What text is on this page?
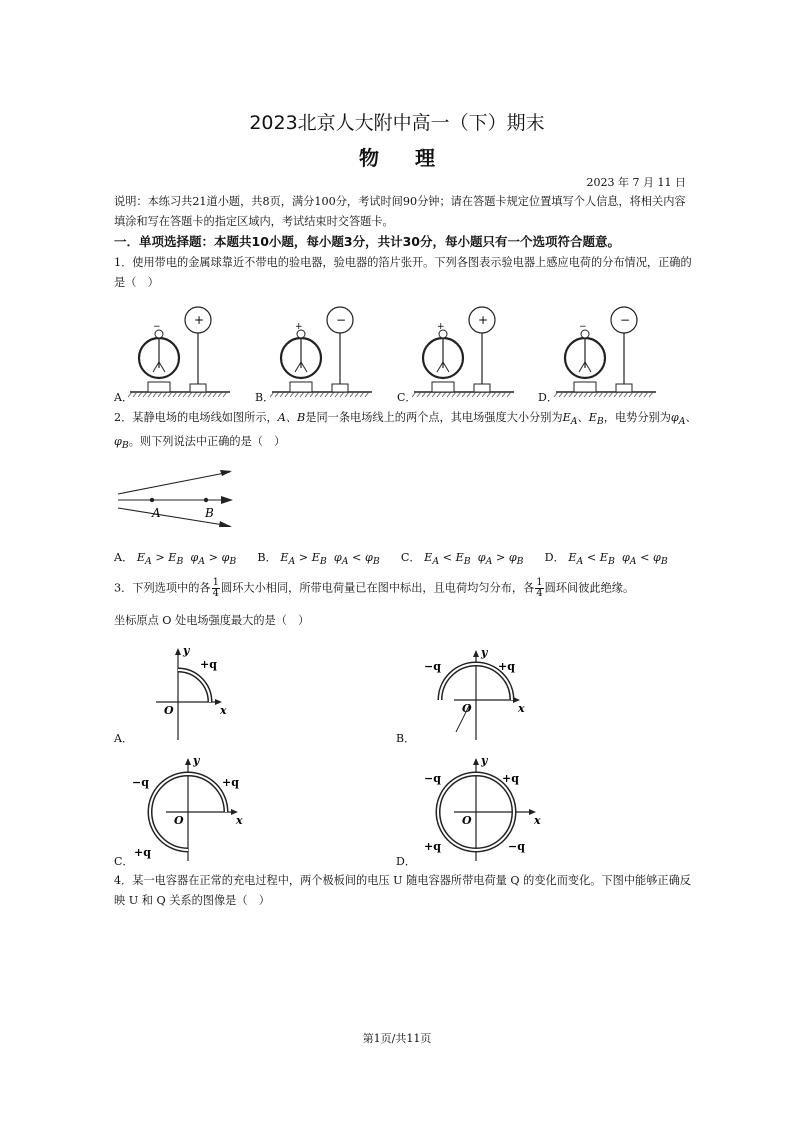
2023北京人大附中高一（下）期末
物 理
2023 年 7 月 11 日
说明：本练习共21道小题，共8页，满分100分，考试时间90分钟；请在答题卡规定位置填写个人信息，将相关内容填涂和写在答题卡的指定区域内，考试结束时交答题卡。
一．单项选择题：本题共10小题，每小题3分，共计30分，每小题只有一个选项符合题意。
1．使用带电的金属球靠近不带电的验电器，验电器的箔片张开。下列各图表示验电器上感应电荷的分布情况，正确的是（　）
−	+	+	−	+	+	−	−
A．	B．	C．	D．
2．某静电场的电场线如图所示，A、B是同一条电场线上的两个点，其电场强度大小分别为$E_A$、$E_B$，电势分别为$\varphi_A$、$\varphi_B$。则下列说法中正确的是（　）
A	B
A． $E_A > E_B$ $\varphi_A > \varphi_B$ B． $E_A > E_B$ $\varphi_A < \varphi_B$ C． $E_A < E_B$ $\varphi_A > \varphi_B$ D． $E_A < E_B$ $\varphi_A < \varphi_B$
3．下列选项中的各 $\frac{1}{4}$ 圆环大小相同，所带电荷量已在图中标出，且电荷均匀分布，各 $\frac{1}{4}$ 圆环间彼此绝缘。
坐标原点 O 处电场强度最大的是（　）
x
y
O
+q
x
y
O
−q	+q
x
y
O
−q	+q
+q
x
y
O
−q	+q
+q	−q
A．	B．
C．	D．
4．某一电容器在正常的充电过程中，两个极板间的电压 U 随电容器所带电荷量 Q 的变化而变化。下图中能够正确反映 U 和 Q 关系的图像是（　）
第1页/共11页
